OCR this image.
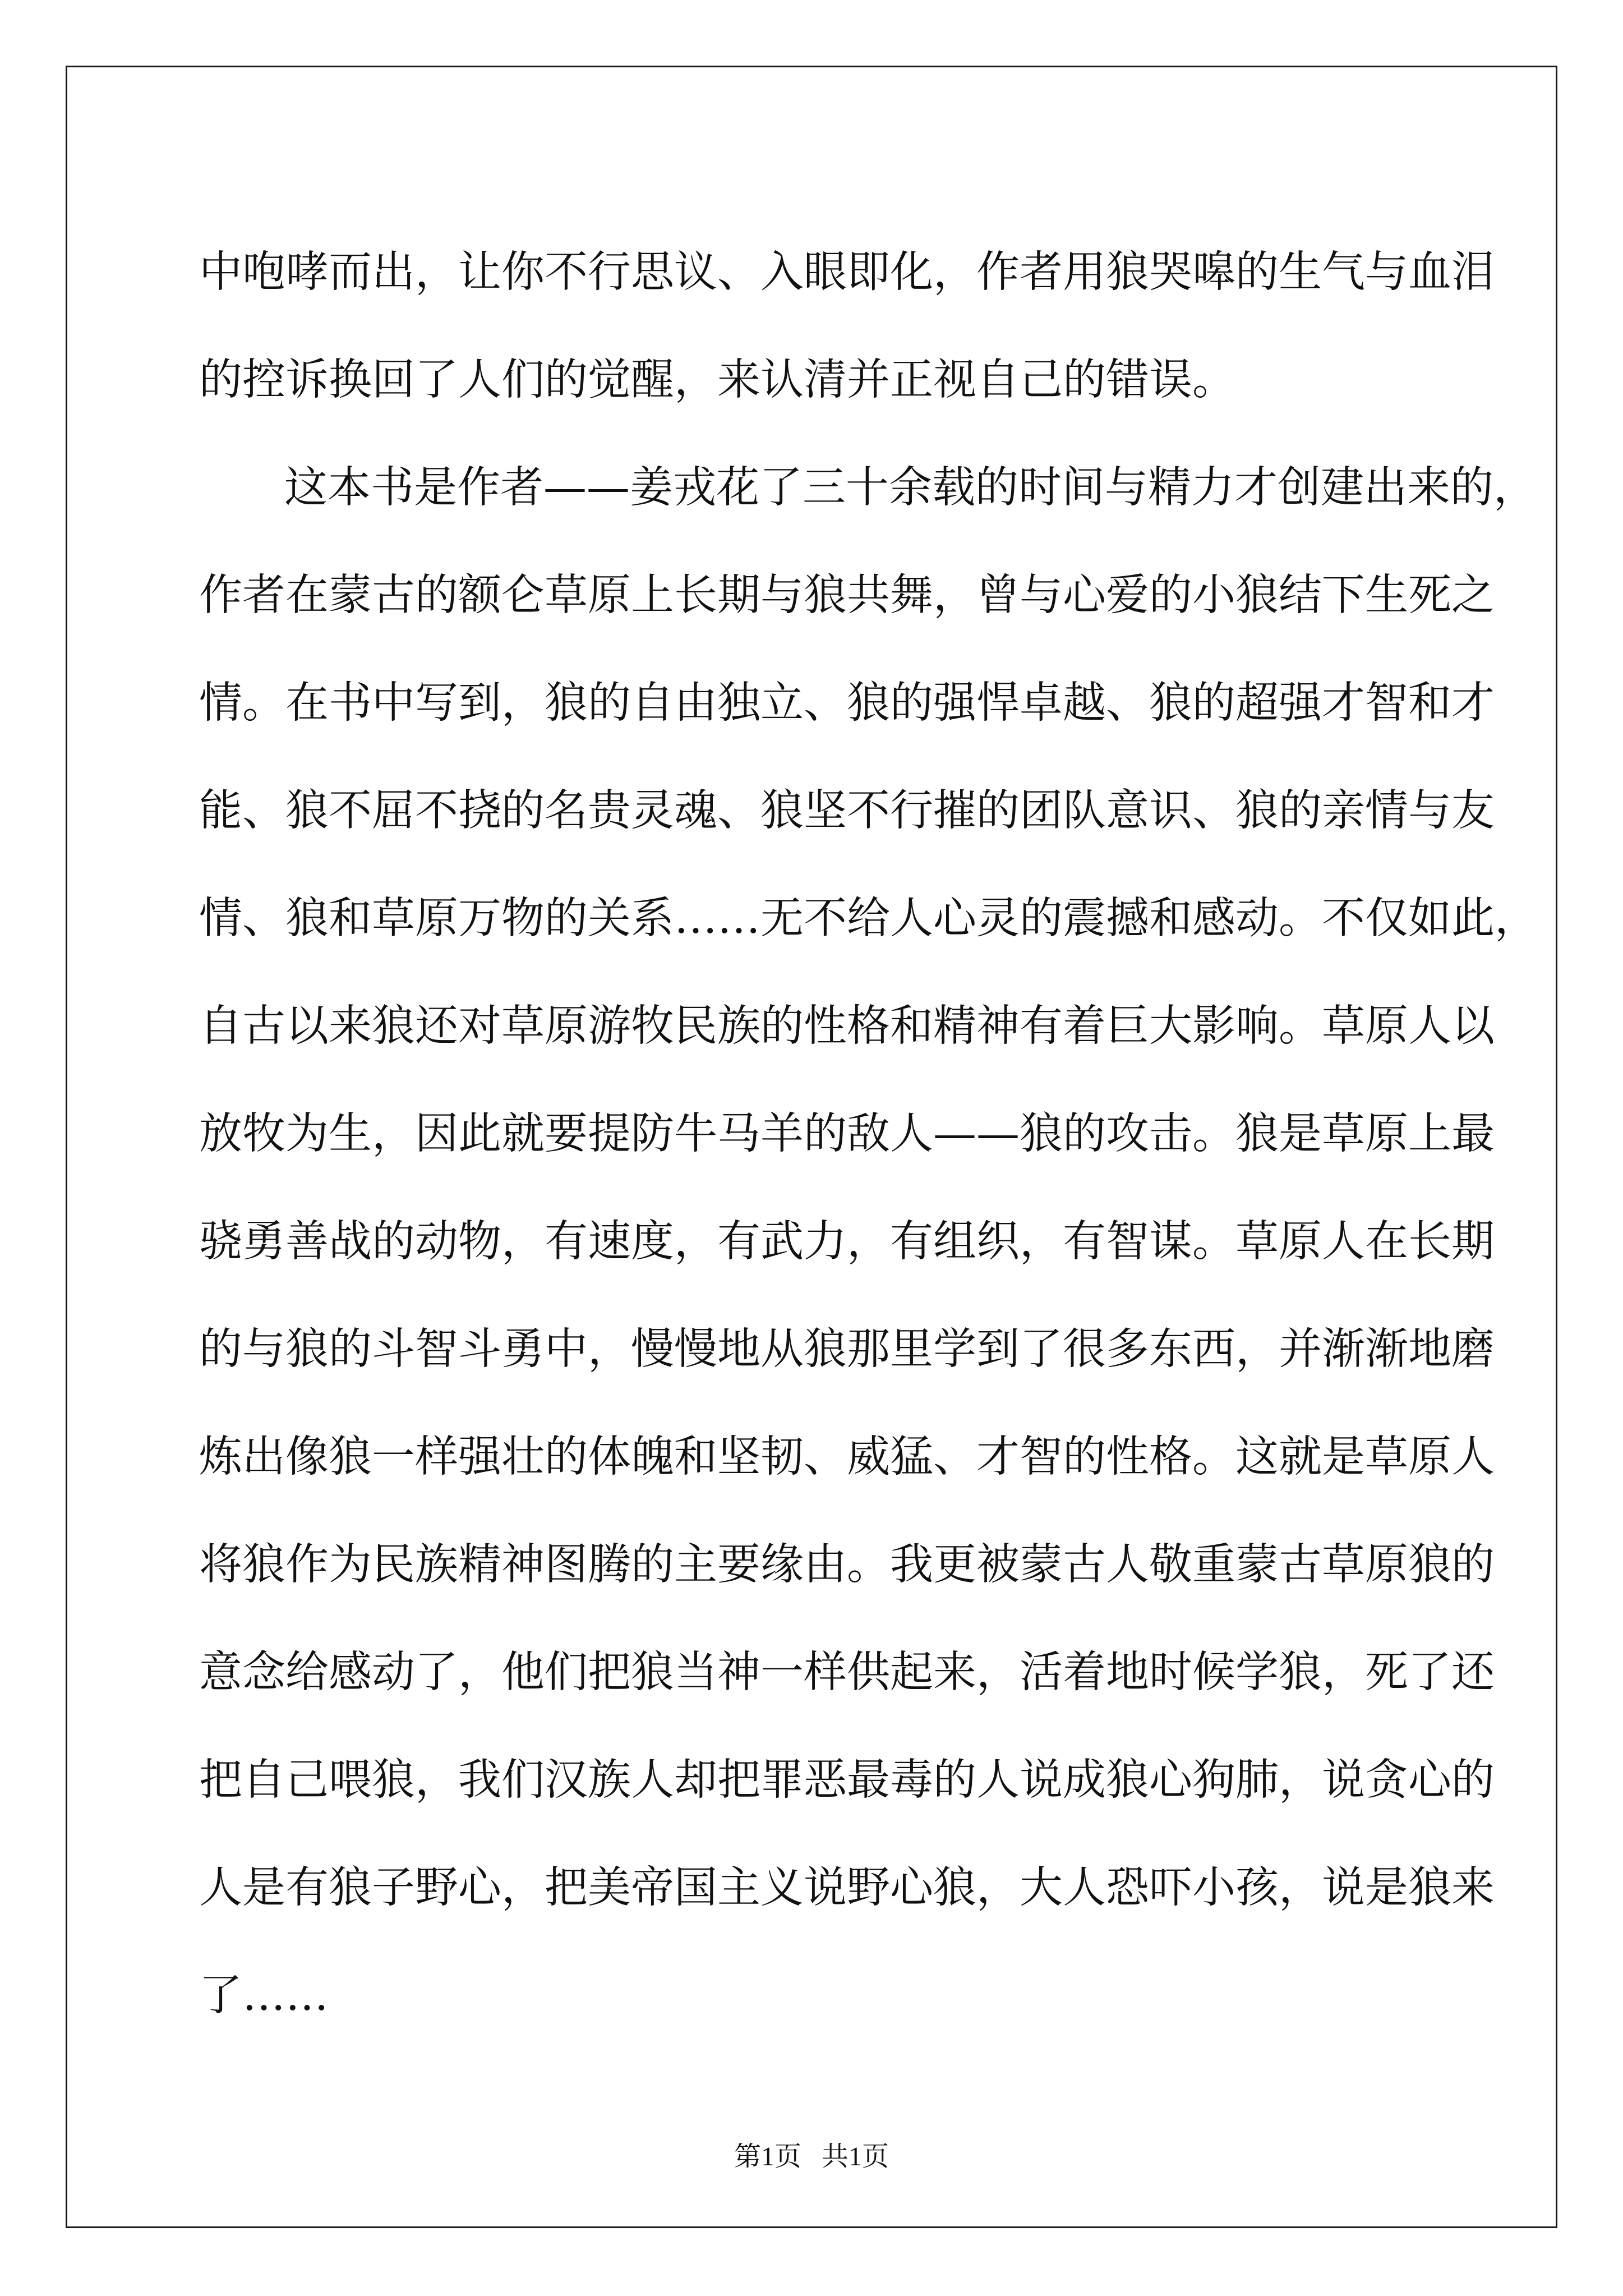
中咆哮而出，让你不行思议、入眼即化，作者用狼哭嗥的生气与血泪
的控诉换回了人们的觉醒，来认清并正视自己的错误。
这本书是作者——姜戎花了三十余载的时间与精力才创建出来的，
作者在蒙古的额仑草原上长期与狼共舞，曾与心爱的小狼结下生死之
情。在书中写到，狼的自由独立、狼的强悍卓越、狼的超强才智和才
能、狼不屈不挠的名贵灵魂、狼坚不行摧的团队意识、狼的亲情与友
情、狼和草原万物的关系……无不给人心灵的震撼和感动。不仅如此，
自古以来狼还对草原游牧民族的性格和精神有着巨大影响。草原人以
放牧为生，因此就要提防牛马羊的敌人——狼的攻击。狼是草原上最
骁勇善战的动物，有速度，有武力，有组织，有智谋。草原人在长期
的与狼的斗智斗勇中，慢慢地从狼那里学到了很多东西，并渐渐地磨
炼出像狼一样强壮的体魄和坚韧、威猛、才智的性格。这就是草原人
将狼作为民族精神图腾的主要缘由。我更被蒙古人敬重蒙古草原狼的
意念给感动了，他们把狼当神一样供起来，活着地时候学狼，死了还
把自己喂狼，我们汉族人却把罪恶最毒的人说成狼心狗肺，说贪心的
人是有狼子野心，把美帝国主义说野心狼，大人恐吓小孩，说是狼来
了……
第1页   共1页
